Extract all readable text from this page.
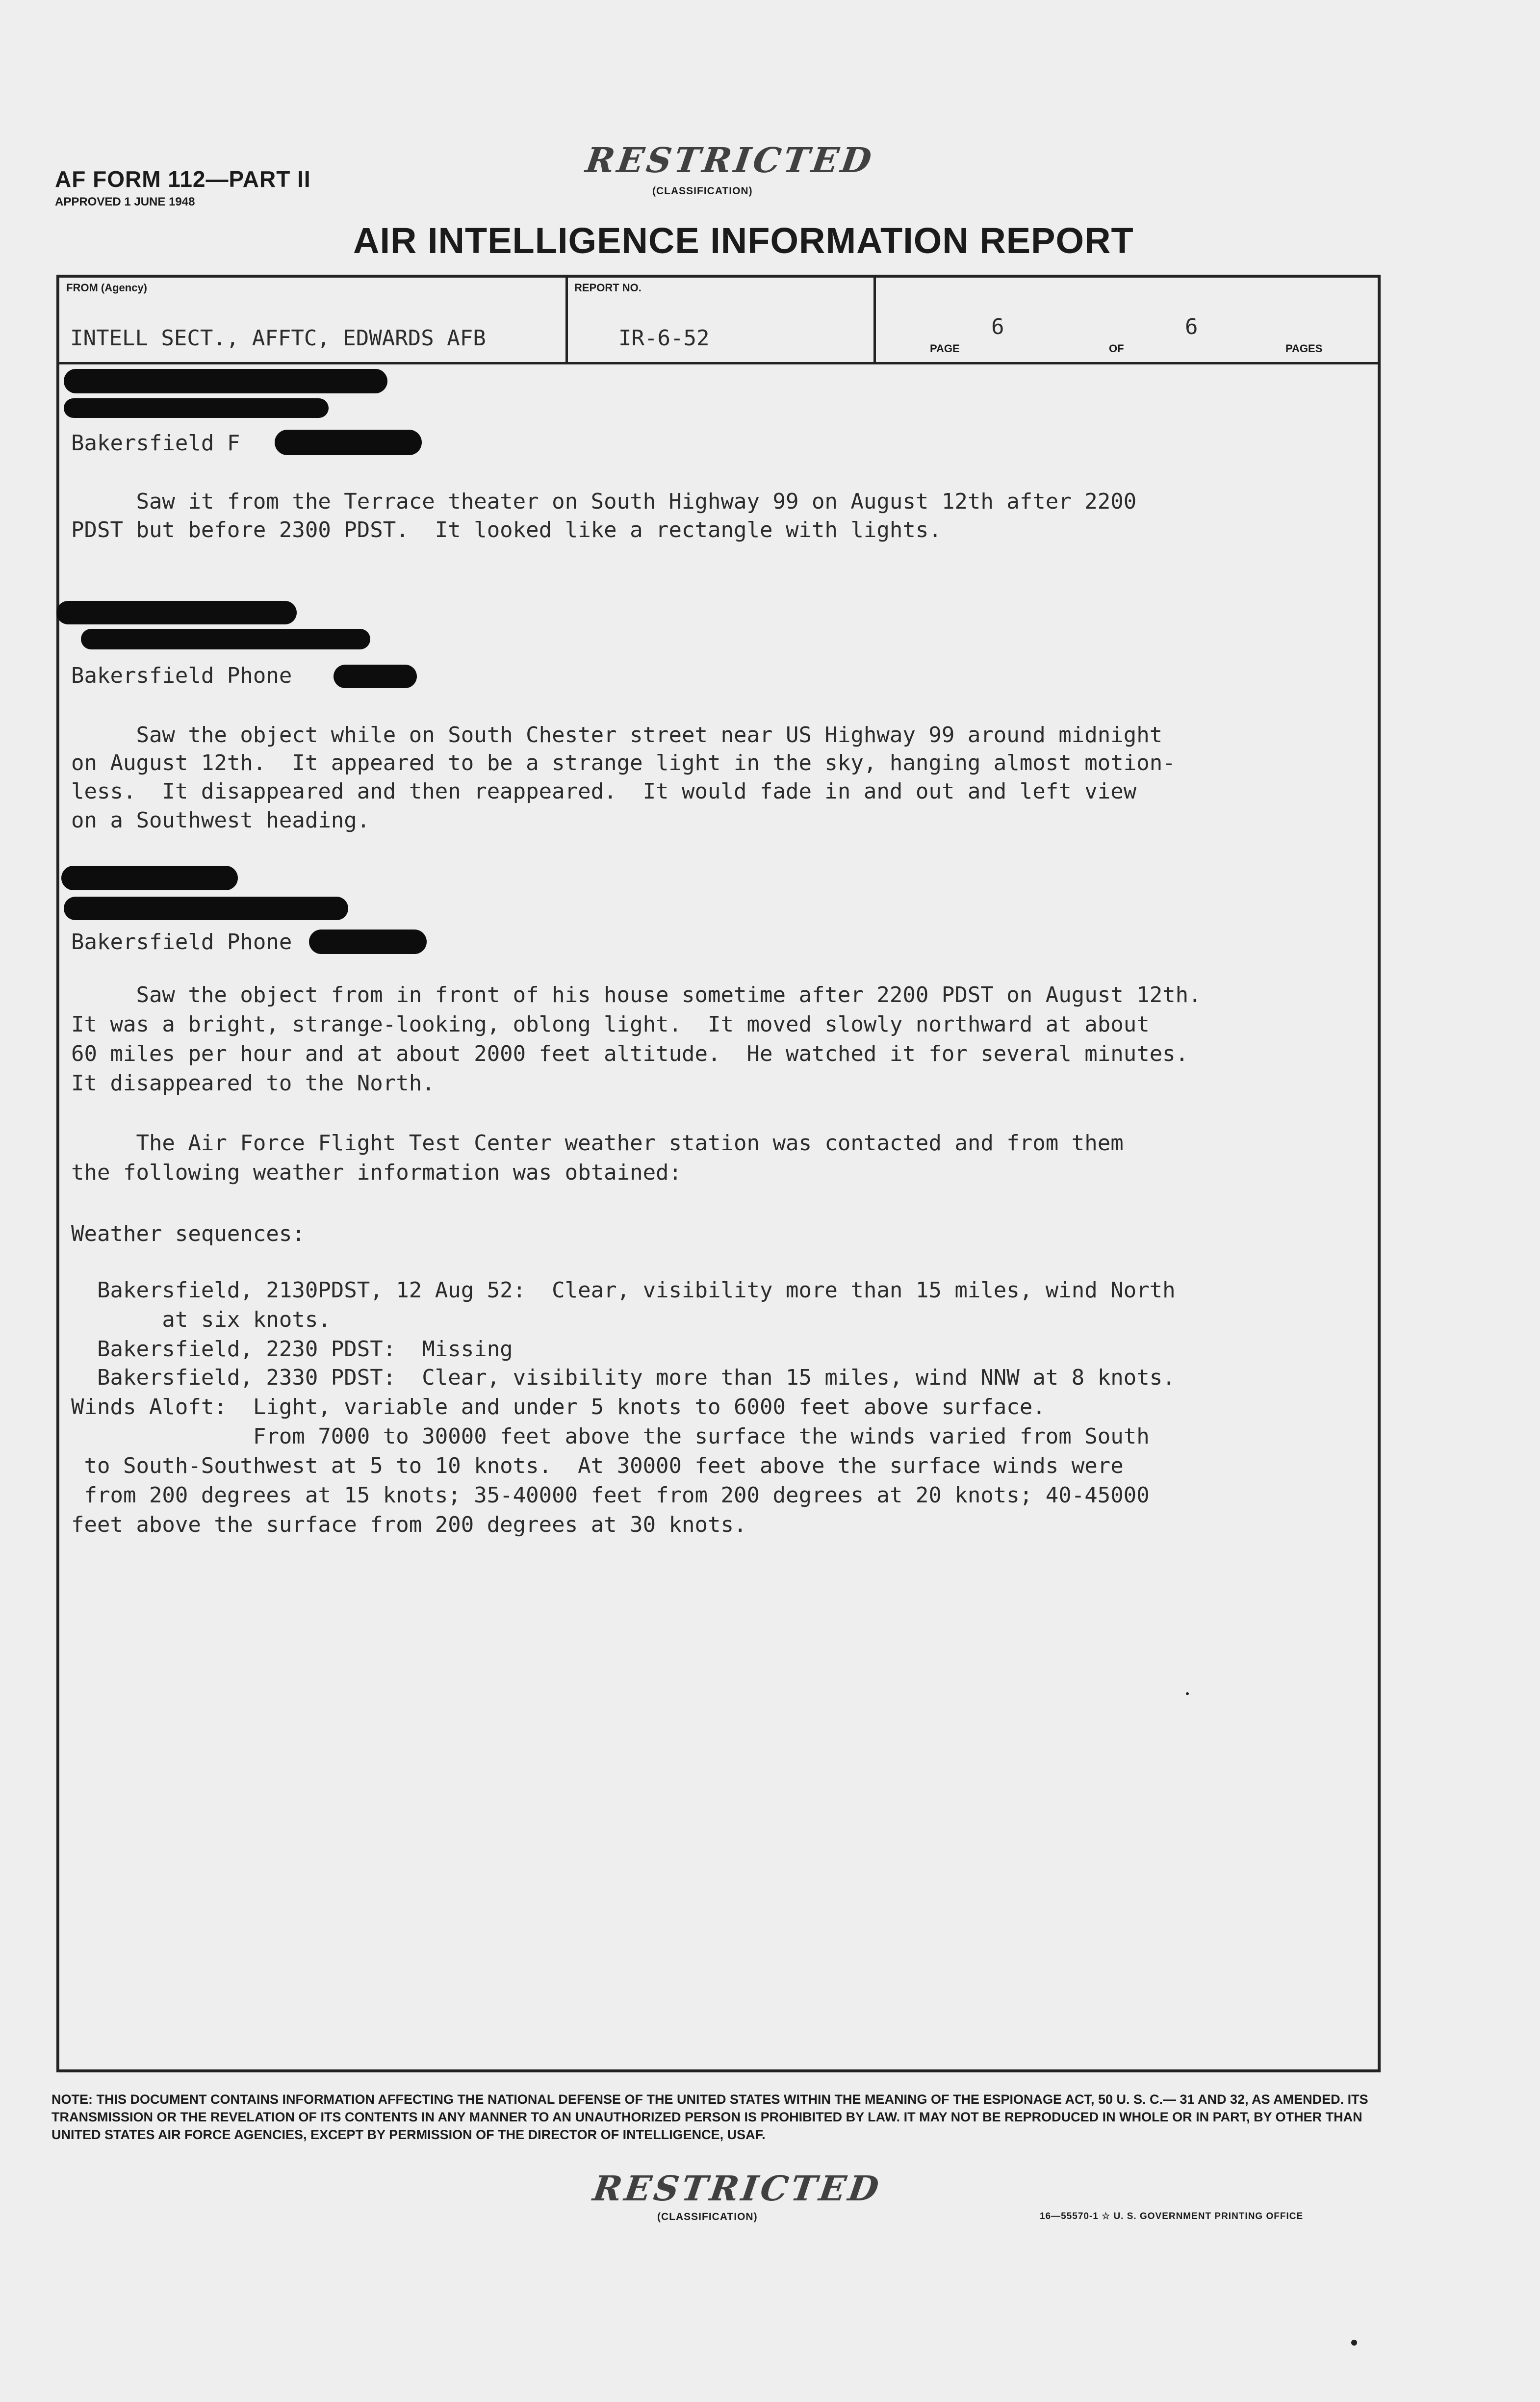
AF FORM 112—PART II
APPROVED 1 JUNE 1948
RESTRICTED
(CLASSIFICATION)
AIR INTELLIGENCE INFORMATION REPORT
FROM (Agency)
INTELL SECT., AFFTC, EDWARDS AFB
REPORT NO.
IR-6-52	PAGE
6
OF
6
PAGES
Bakersfield F
Saw it from the Terrace theater on South Highway 99 on August 12th after 2200
PDST but before 2300 PDST.  It looked like a rectangle with lights.
Bakersfield Phone
Saw the object while on South Chester street near US Highway 99 around midnight
on August 12th.  It appeared to be a strange light in the sky, hanging almost motion-
less.  It disappeared and then reappeared.  It would fade in and out and left view
on a Southwest heading.
Bakersfield Phone
Saw the object from in front of his house sometime after 2200 PDST on August 12th.
It was a bright, strange-looking, oblong light.  It moved slowly northward at about
60 miles per hour and at about 2000 feet altitude.  He watched it for several minutes.
It disappeared to the North.
The Air Force Flight Test Center weather station was contacted and from them
the following weather information was obtained:
Weather sequences:
Bakersfield, 2130PDST, 12 Aug 52:  Clear, visibility more than 15 miles, wind North
at six knots.
Bakersfield, 2230 PDST:  Missing
Bakersfield, 2330 PDST:  Clear, visibility more than 15 miles, wind NNW at 8 knots.
Winds Aloft:  Light, variable and under 5 knots to 6000 feet above surface.
From 7000 to 30000 feet above the surface the winds varied from South
to South-Southwest at 5 to 10 knots.  At 30000 feet above the surface winds were
from 200 degrees at 15 knots; 35-40000 feet from 200 degrees at 20 knots; 40-45000
feet above the surface from 200 degrees at 30 knots.
NOTE: THIS DOCUMENT CONTAINS INFORMATION AFFECTING THE NATIONAL DEFENSE OF THE UNITED STATES WITHIN THE MEANING OF THE ESPIONAGE ACT, 50 U. S. C.— 31 AND 32, AS AMENDED. ITS TRANSMISSION OR THE REVELATION OF ITS CONTENTS IN ANY MANNER TO AN UNAUTHORIZED PERSON IS PROHIBITED BY LAW. IT MAY NOT BE REPRODUCED IN WHOLE OR IN PART, BY OTHER THAN UNITED STATES AIR FORCE AGENCIES, EXCEPT BY PERMISSION OF THE DIRECTOR OF INTELLIGENCE, USAF.
RESTRICTED
(CLASSIFICATION)	16—55570-1 ☆ U. S. GOVERNMENT PRINTING OFFICE
